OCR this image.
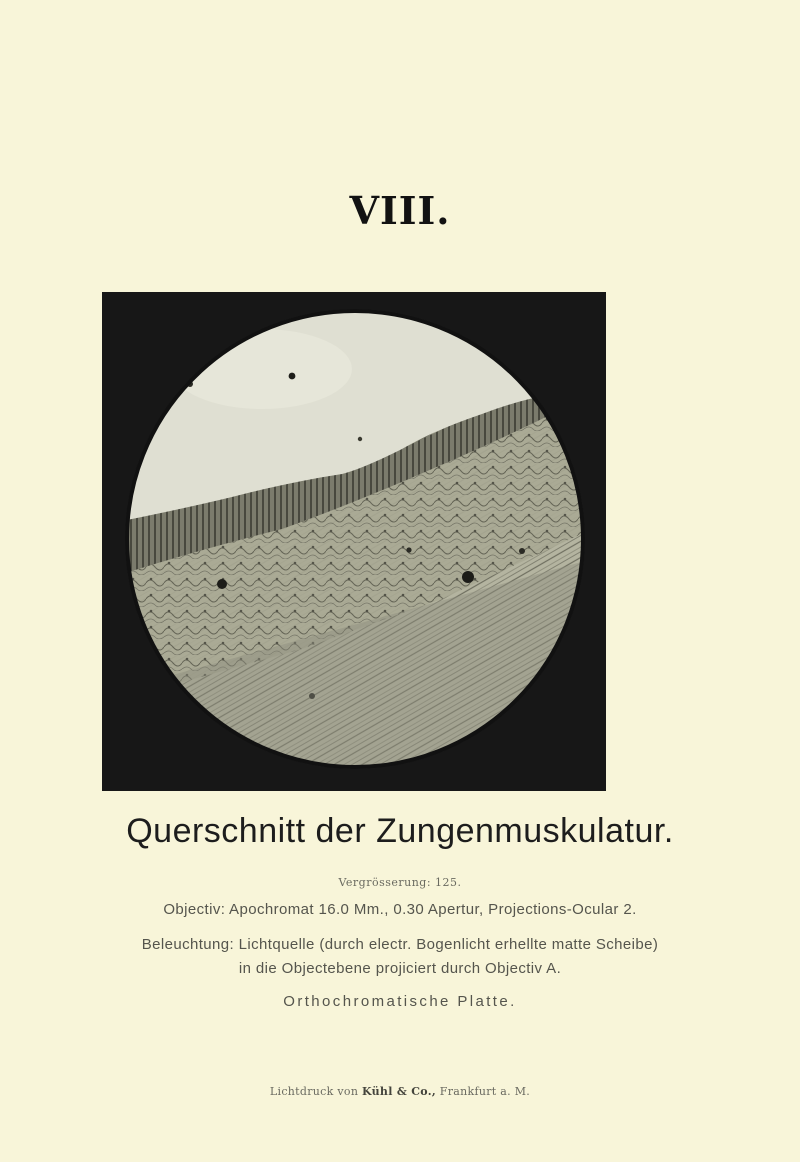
VIII.
Querschnitt der Zungenmuskulatur.
Vergrösserung: 125.
Objectiv: Apochromat 16.0 Mm., 0.30 Apertur, Projections-Ocular 2.
Beleuchtung: Lichtquelle (durch electr. Bogenlicht erhellte matte Scheibe)
in die Objectebene projiciert durch Objectiv A.
Orthochromatische Platte.
Lichtdruck von Kühl & Co., Frankfurt a. M.
